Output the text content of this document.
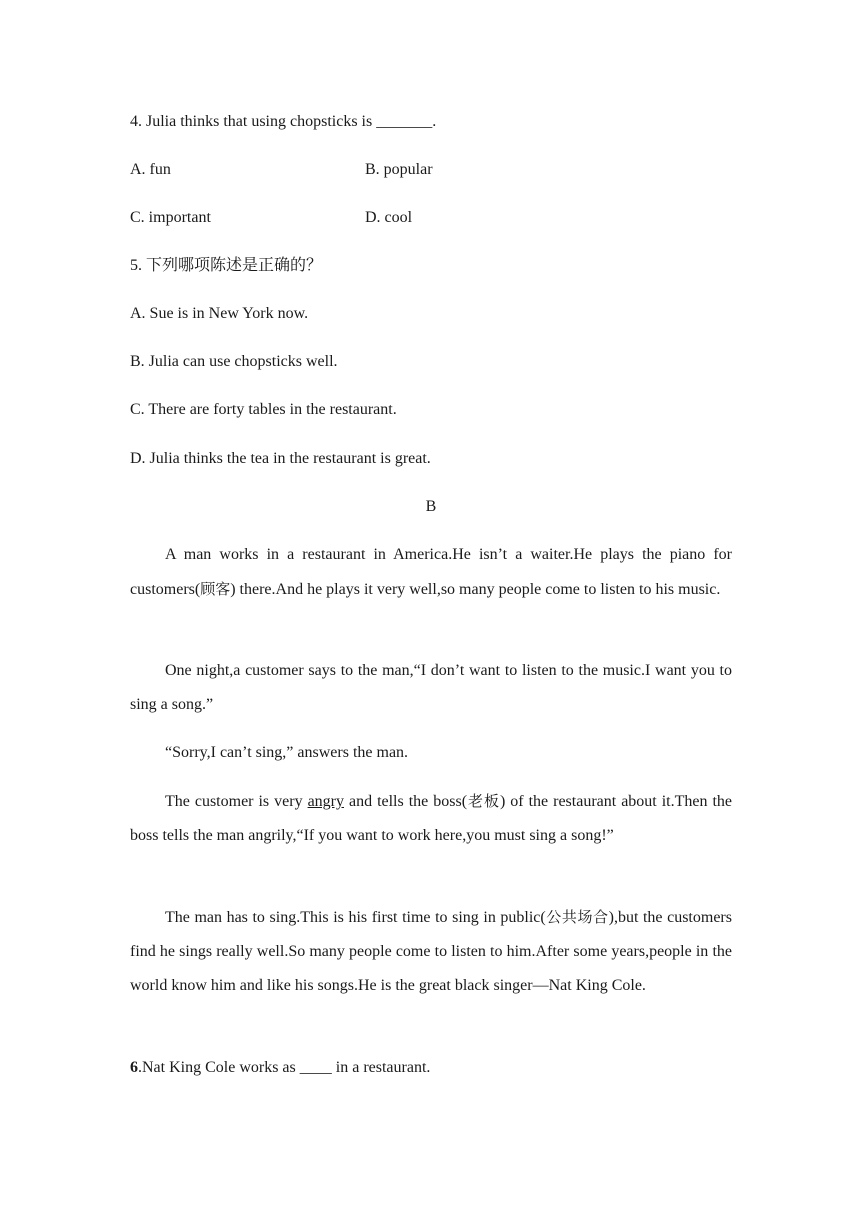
4. Julia thinks that using chopsticks is _______.
A. fun	B. popular
C. important	D. cool
5. 下列哪项陈述是正确的？
A. Sue is in New York now.
B. Julia can use chopsticks well.
C. There are forty tables in the restaurant.
D. Julia thinks the tea in the restaurant is great.
B
A man works in a restaurant in America.He isn’t a waiter.He plays the piano for customers(顾客) there.And he plays it very well,so many people come to listen to his music.
One night,a customer says to the man,“I don’t want to listen to the music.I want you to sing a song.”
“Sorry,I can’t sing,” answers the man.
The customer is very angry and tells the boss(老板) of the restaurant about it.Then the boss tells the man angrily,“If you want to work here,you must sing a song!”
The man has to sing.This is his first time to sing in public(公共场合),but the customers find he sings really well.So many people come to listen to him.After some years,people in the world know him and like his songs.He is the great black singer—Nat King Cole.
6.Nat King Cole works as ____ in a restaurant.
